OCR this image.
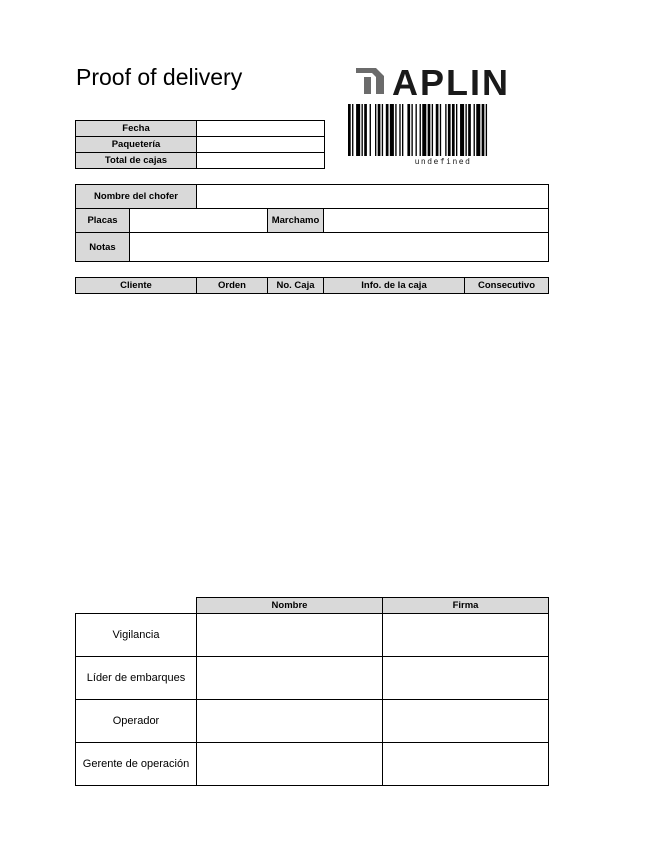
Proof of delivery	APLIN
undefined
Fecha	
Paquetería	
Total de cajas	
Nombre del chofer				
Placas			Marchamo	
Notas				
Cliente	Orden	No. Caja	Info. de la caja	Consecutivo
	Nombre	Firma
Vigilancia		
Líder de embarques		
Operador		
Gerente de operación		
